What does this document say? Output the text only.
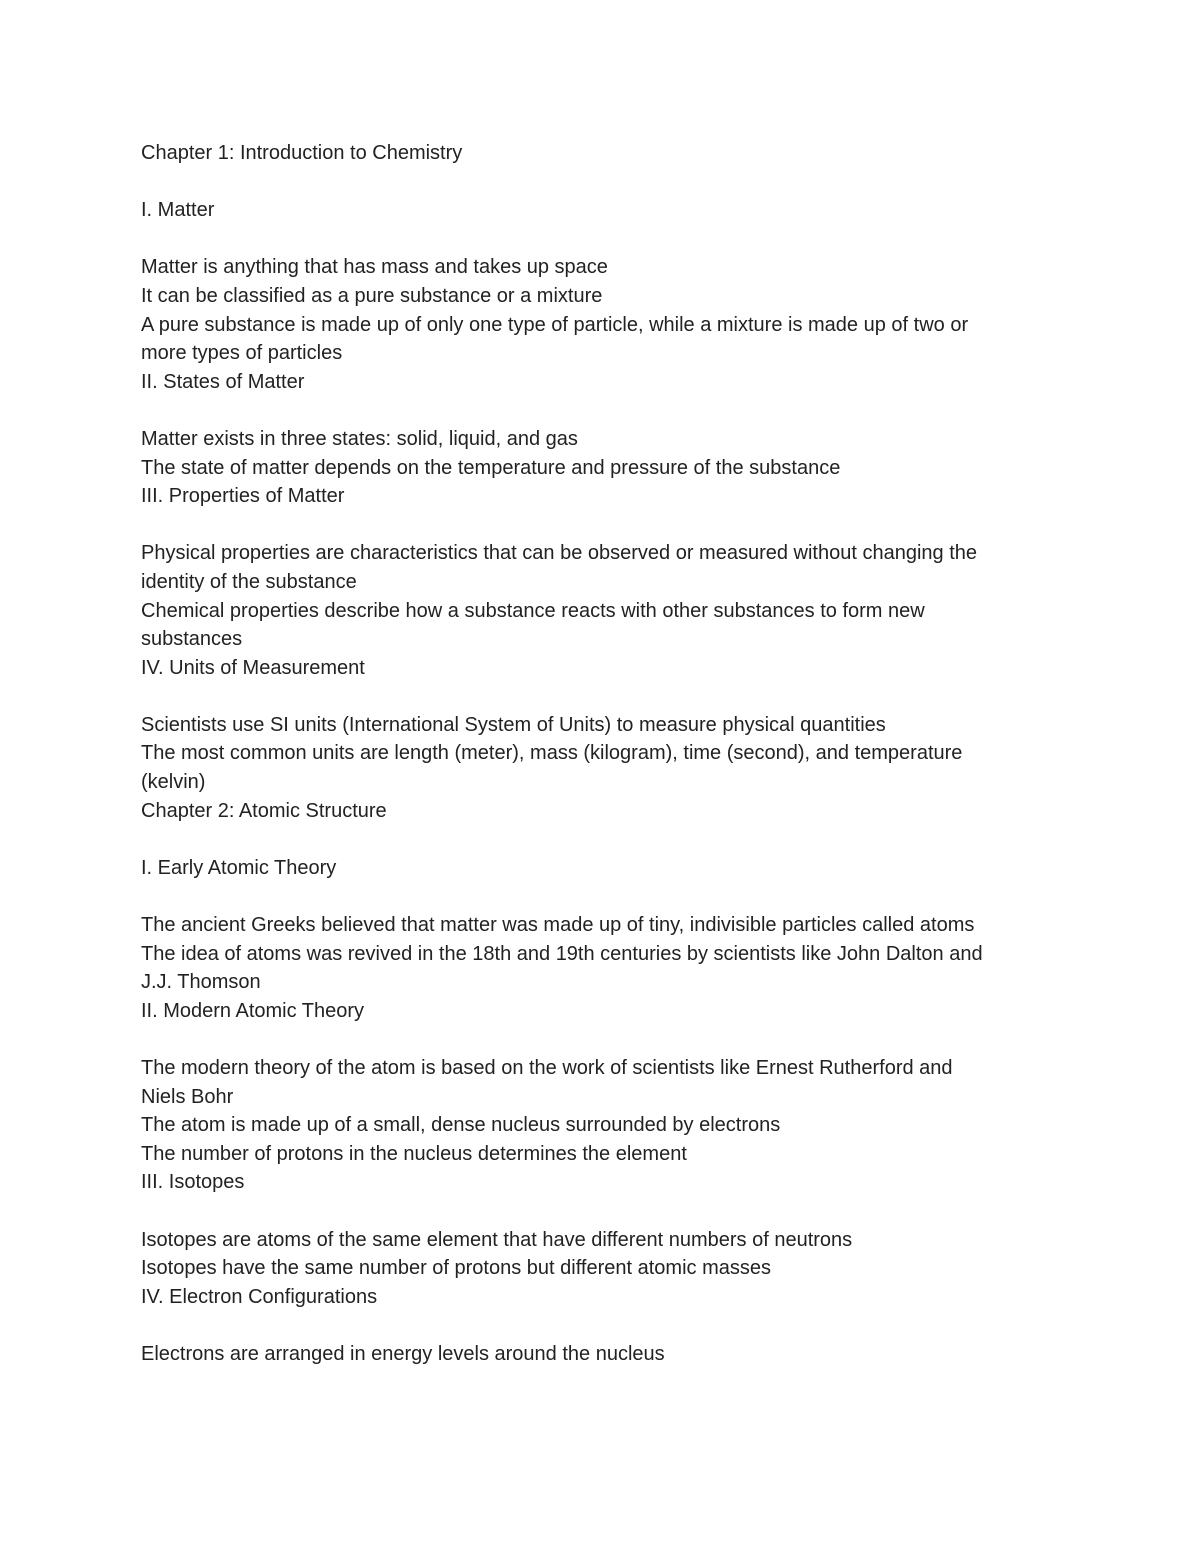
Chapter 1: Introduction to Chemistry
I. Matter
Matter is anything that has mass and takes up space
It can be classified as a pure substance or a mixture
A pure substance is made up of only one type of particle, while a mixture is made up of two or
more types of particles
II. States of Matter
Matter exists in three states: solid, liquid, and gas
The state of matter depends on the temperature and pressure of the substance
III. Properties of Matter
Physical properties are characteristics that can be observed or measured without changing the
identity of the substance
Chemical properties describe how a substance reacts with other substances to form new
substances
IV. Units of Measurement
Scientists use SI units (International System of Units) to measure physical quantities
The most common units are length (meter), mass (kilogram), time (second), and temperature
(kelvin)
Chapter 2: Atomic Structure
I. Early Atomic Theory
The ancient Greeks believed that matter was made up of tiny, indivisible particles called atoms
The idea of atoms was revived in the 18th and 19th centuries by scientists like John Dalton and
J.J. Thomson
II. Modern Atomic Theory
The modern theory of the atom is based on the work of scientists like Ernest Rutherford and
Niels Bohr
The atom is made up of a small, dense nucleus surrounded by electrons
The number of protons in the nucleus determines the element
III. Isotopes
Isotopes are atoms of the same element that have different numbers of neutrons
Isotopes have the same number of protons but different atomic masses
IV. Electron Configurations
Electrons are arranged in energy levels around the nucleus
